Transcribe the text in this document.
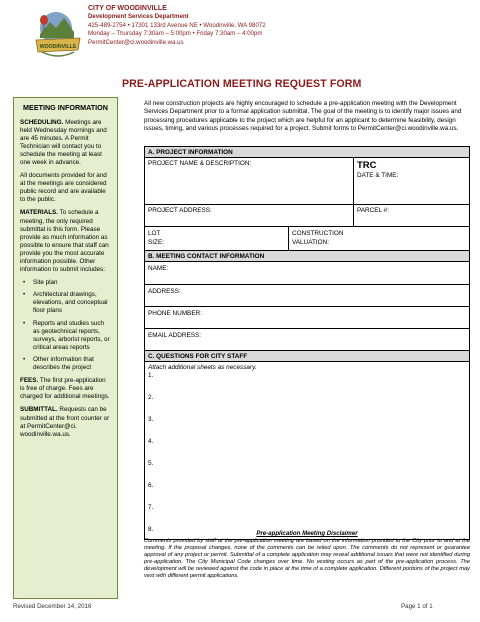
WOODINVILLE
CITY OF WOODINVILLE
Development Services Department
425-489-2754 • 17301 133rd Avenue NE • Woodinville, WA 98072
Monday – Thursday 7:30am – 5:00pm • Friday 7:30am – 4:00pm
PermitCenter@ci.woodinville.wa.us
PRE-APPLICATION MEETING REQUEST FORM
MEETING INFORMATION
SCHEDULING. Meetings are held Wednesday mornings and are 45 minutes. A Permit Technician will contact you to schedule the meeting at least one week in advance.
All documents provided for and at the meetings are considered public record and are available to the public.
MATERIALS. To schedule a meeting, the only required submittal is this form. Please provide as much information as possible to ensure that staff can provide you the most accurate information possible. Other information to submit includes:
• Site plan
• Architectural drawings, elevations, and conceptual floor plans
• Reports and studies such as geotechnical reports, surveys, arborist reports, or critical areas reports
• Other information that describes the project
FEES. The first pre-application is free of charge. Fees are charged for additional meetings.
SUBMITTAL. Requests can be submitted at the front counter or at PermitCenter@ci. woodinville.wa.us.
All new construction projects are highly encouraged to schedule a pre-application meeting with the Development Services Department prior to a formal application submittal. The goal of the meeting is to identify major issues and processing procedures applicable to the project which are helpful for an applicant to determine feasibility, design issues, timing, and various processes required for a project. Submit forms to PermitCenter@ci.woodinville.wa.us.
A. PROJECT INFORMATION
PROJECT NAME & DESCRIPTION:	TRC
DATE & TIME:
PROJECT ADDRESS:	PARCEL #:
LOT
SIZE:
CONSTRUCTION
VALUATION:
B. MEETING CONTACT INFORMATION
NAME:
ADDRESS:
PHONE NUMBER:
EMAIL ADDRESS:
C. QUESTIONS FOR CITY STAFF
Attach additional sheets as necessary.
1.
2.
3.
4.
5.
6.
7.
8.
Pre-application Meeting Disclaimer
Comments provided by staff at the pre-application meeting are based on the information provided to the City prior to and at the meeting. If the proposal changes, none of the comments can be relied upon. The comments do not represent or guarantee approval of any project or permit. Submittal of a complete application may reveal additional issues that were not identified during pre-application. The City Municipal Code changes over time. No vesting occurs as part of the pre-application process. The development will be reviewed against the code in place at the time of a complete application. Different portions of the project may vest with different permit applications.
Revised December 14, 2016	Page 1 of 1
